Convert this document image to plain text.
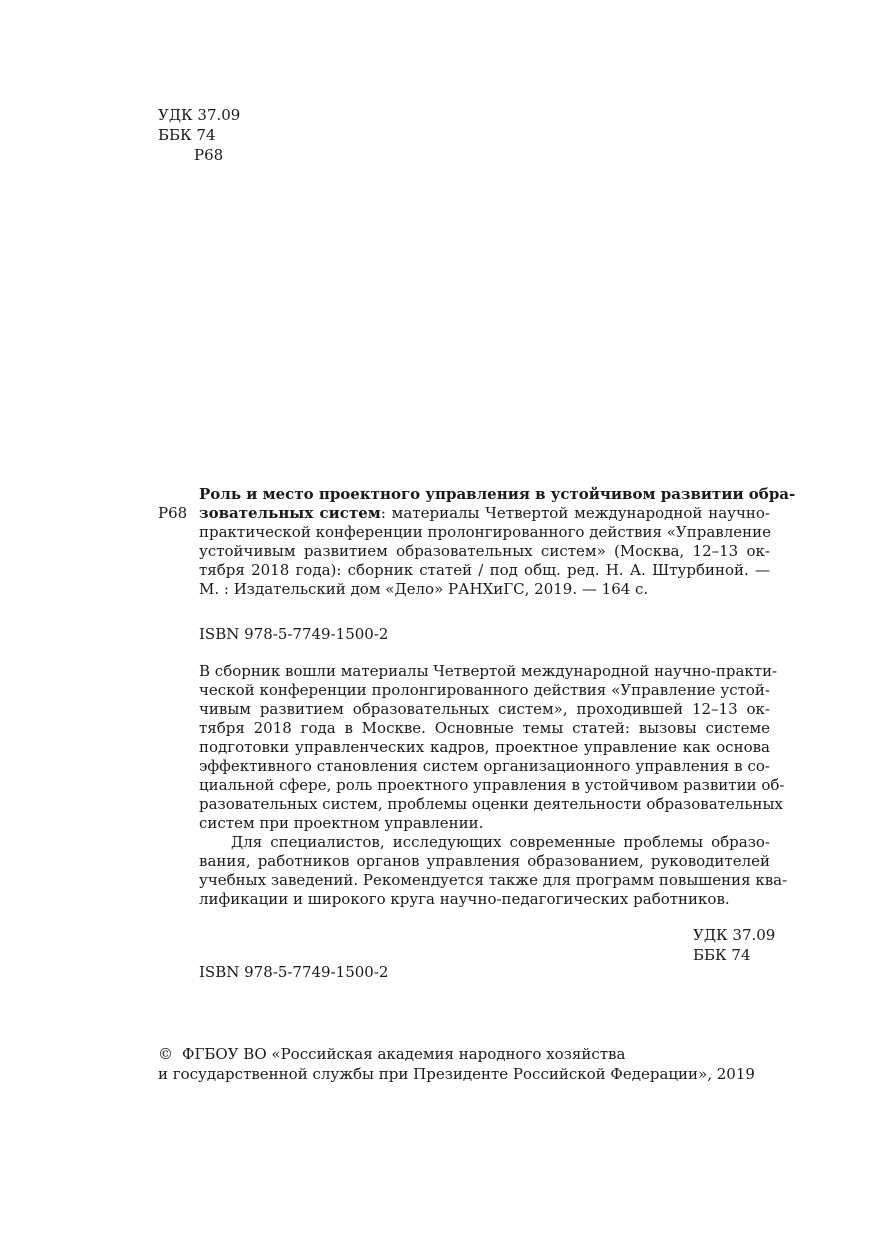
УДК 37.09
ББК 74
Р68
Р68
Роль и место проектного управления в устойчивом развитии обра-
зовательных систем: материалы Четвертой международной научно-
практической конференции пролонгированного действия «Управление
устойчивым развитием образовательных систем» (Москва, 12–13 ок-
тября 2018 года): сборник статей / под общ. ред. Н. А. Штурбиной. —
М. : Издательский дом «Дело» РАНХиГС, 2019. — 164 с.
ISBN 978-5-7749-1500-2
В сборник вошли материалы Четвертой международной научно-практи-
ческой конференции пролонгированного действия «Управление устой-
чивым развитием образовательных систем», проходившей 12–13 ок-
тября 2018 года в Москве. Основные темы статей: вызовы системе
подготовки управленческих кадров, проектное управление как основа
эффективного становления систем организационного управления в со-
циальной сфере, роль проектного управления в устойчивом развитии об-
разовательных систем, проблемы оценки деятельности образовательных
систем при проектном управлении.
Для специалистов, исследующих современные проблемы образо-
вания, работников органов управления образованием, руководителей
учебных заведений. Рекомендуется также для программ повышения ква-
лификации и широкого круга научно-педагогических работников.
УДК 37.09
ББК 74
ISBN 978-5-7749-1500-2
© ФГБОУ ВО «Российская академия народного хозяйства
и государственной службы при Президенте Российской Федерации», 2019
